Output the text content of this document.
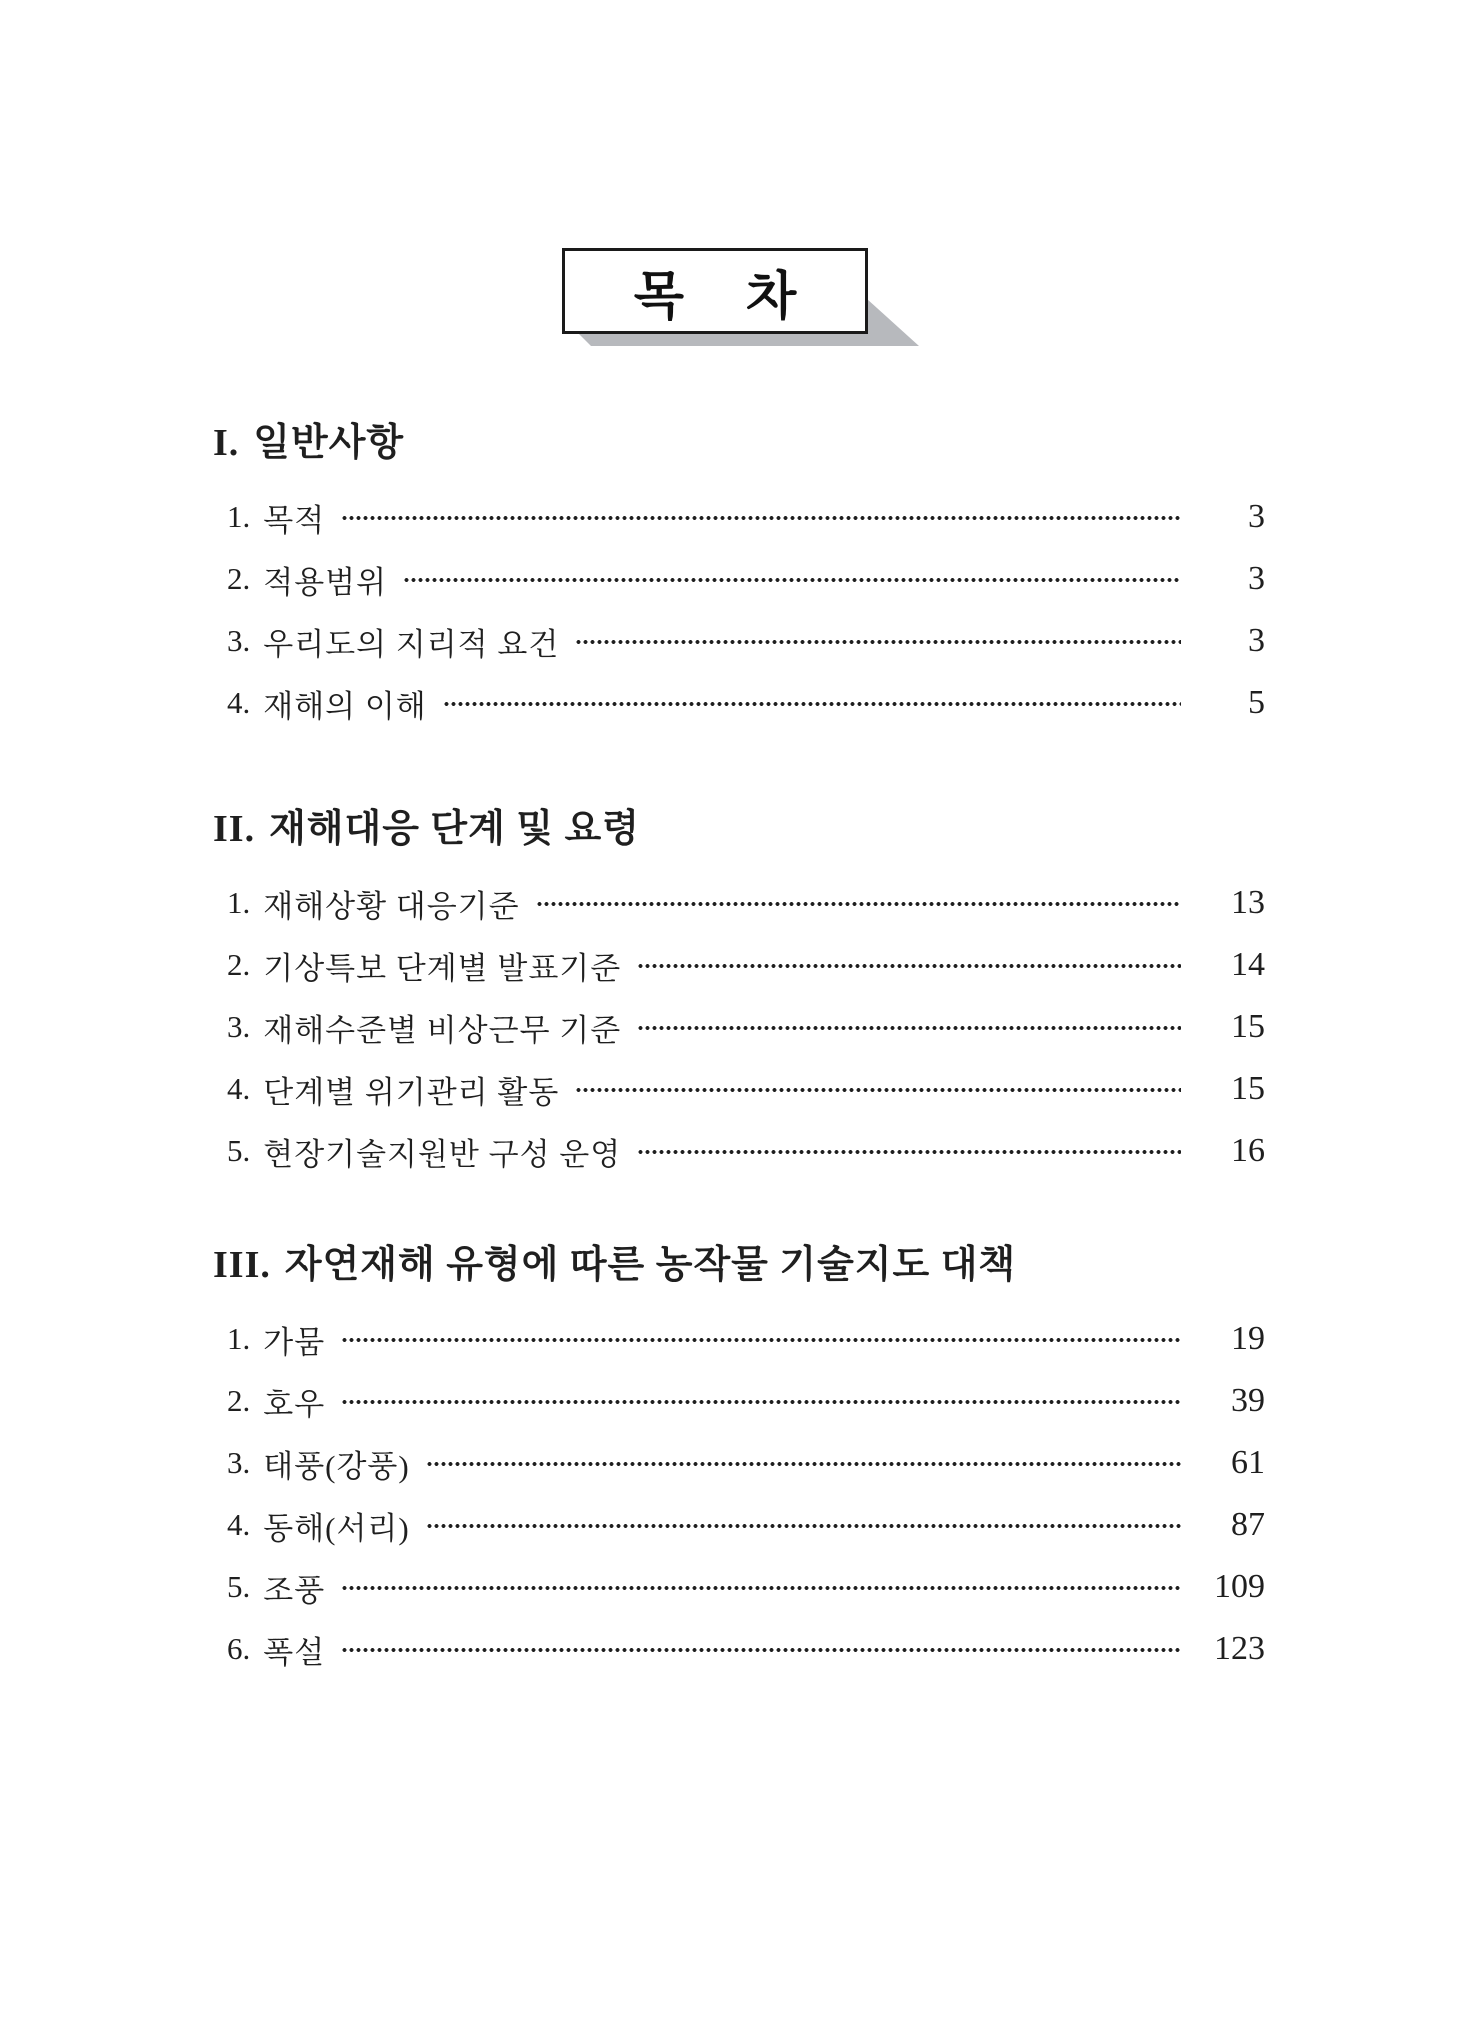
목 차
I. 일반사항
1. 목적	3
2. 적용범위	3
3. 우리도의 지리적 요건	3
4. 재해의 이해	5
II. 재해대응 단계 및 요령
1. 재해상황 대응기준	13
2. 기상특보 단계별 발표기준	14
3. 재해수준별 비상근무 기준	15
4. 단계별 위기관리 활동	15
5. 현장기술지원반 구성 운영	16
III. 자연재해 유형에 따른 농작물 기술지도 대책
1. 가뭄	19
2. 호우	39
3. 태풍(강풍)	61
4. 동해(서리)	87
5. 조풍	109
6. 폭설	123
